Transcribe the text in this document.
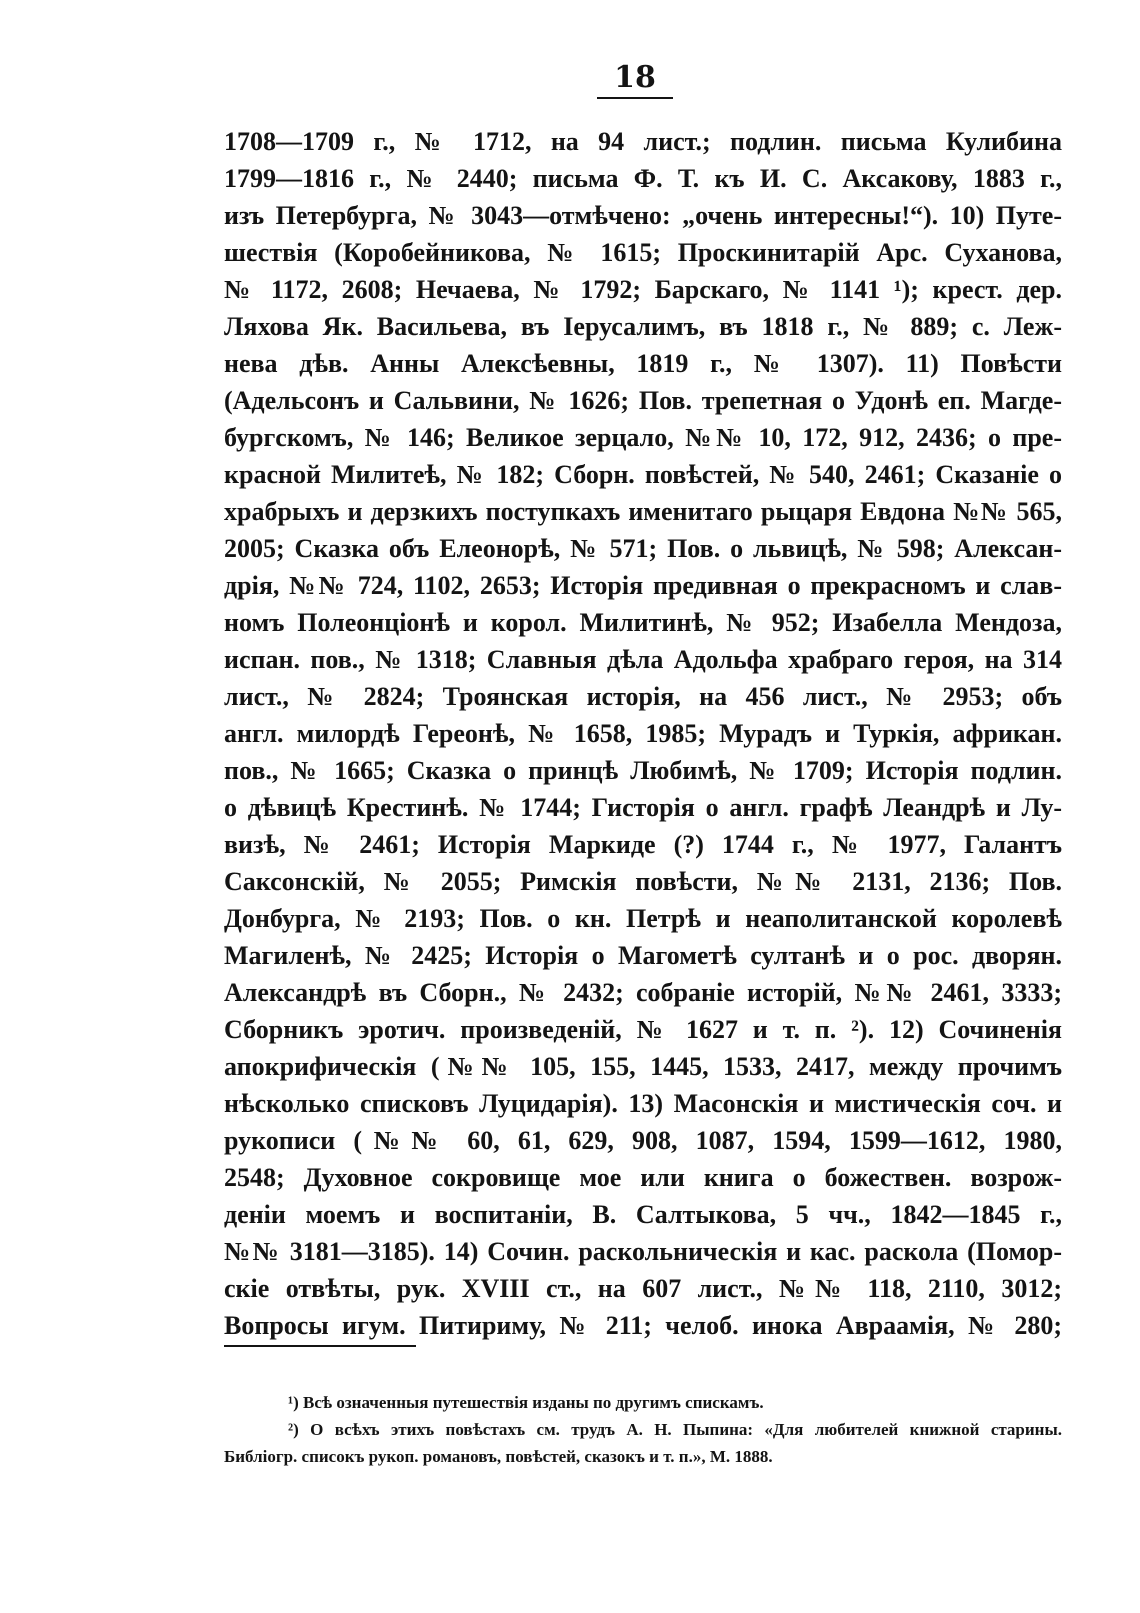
18
1708—1709 г., № 1712, на 94 лист.; подлин. письма Кулибина
1799—1816 г., № 2440; письма Ф. Т. къ И. С. Аксакову, 1883 г.,
изъ Петербурга, № 3043—отмѣчено: „очень интересны!“). 10) Путе-
шествія (Коробейникова, № 1615; Проскинитарій Арс. Суханова,
№ 1172, 2608; Нечаева, № 1792; Барскаго, № 1141 ¹); крест. дер.
Ляхова Як. Васильева, въ Іерусалимъ, въ 1818 г., № 889; с. Леж-
нева дѣв. Анны Алексѣевны, 1819 г., № 1307). 11) Повѣсти
(Адельсонъ и Сальвини, № 1626; Пов. трепетная о Удонѣ еп. Магде-
бургскомъ, № 146; Великое зерцало, №№ 10, 172, 912, 2436; о пре-
красной Милитеѣ, № 182; Сборн. повѣстей, № 540, 2461; Сказаніе о
храбрыхъ и дерзкихъ поступкахъ именитаго рыцаря Евдона №№ 565,
2005; Сказка объ Елеонорѣ, № 571; Пов. о львицѣ, № 598; Алексан-
дрія, №№ 724, 1102, 2653; Исторія предивная о прекрасномъ и слав-
номъ Полеонціонѣ и корол. Милитинѣ, № 952; Изабелла Мендоза,
испан. пов., № 1318; Славныя дѣла Адольфа храбраго героя, на 314
лист., № 2824; Троянская исторія, на 456 лист., № 2953; объ
англ. милордѣ Гереонѣ, № 1658, 1985; Мурадъ и Туркія, африкан.
пов., № 1665; Сказка о принцѣ Любимѣ, № 1709; Исторія подлин.
о дѣвицѣ Крестинѣ. № 1744; Гисторія о англ. графѣ Леандрѣ и Лу-
визѣ, № 2461; Исторія Маркиде (?) 1744 г., № 1977, Галантъ
Саксонскій, № 2055; Римскія повѣсти, №№ 2131, 2136; Пов.
Донбурга, № 2193; Пов. о кн. Петрѣ и неаполитанской королевѣ
Магиленѣ, № 2425; Исторія о Магометѣ султанѣ и о рос. дворян.
Александрѣ въ Сборн., № 2432; собраніе исторій, №№ 2461, 3333;
Сборникъ эротич. произведеній, № 1627 и т. п. ²). 12) Сочиненія
апокрифическія (№№ 105, 155, 1445, 1533, 2417, между прочимъ
нѣсколько списковъ Луцидарія). 13) Масонскія и мистическія соч. и
рукописи (№№ 60, 61, 629, 908, 1087, 1594, 1599—1612, 1980,
2548; Духовное сокровище мое или книга о божествен. возрож-
деніи моемъ и воспитаніи, В. Салтыкова, 5 чч., 1842—1845 г.,
№№ 3181—3185). 14) Сочин. раскольническія и кас. раскола (Помор-
скіе отвѣты, рук. XVIII ст., на 607 лист., №№ 118, 2110, 3012;
Вопросы игум. Питириму, № 211; челоб. инока Авраамія, № 280;
¹) Всѣ означенныя путешествія изданы по другимъ спискамъ.
²) О всѣхъ этихъ повѣстахъ см. трудъ А. Н. Пыпина: «Для любителей книжной старины.
Библіогр. списокъ рукоп. романовъ, повѣстей, сказокъ и т. п.», М. 1888.
